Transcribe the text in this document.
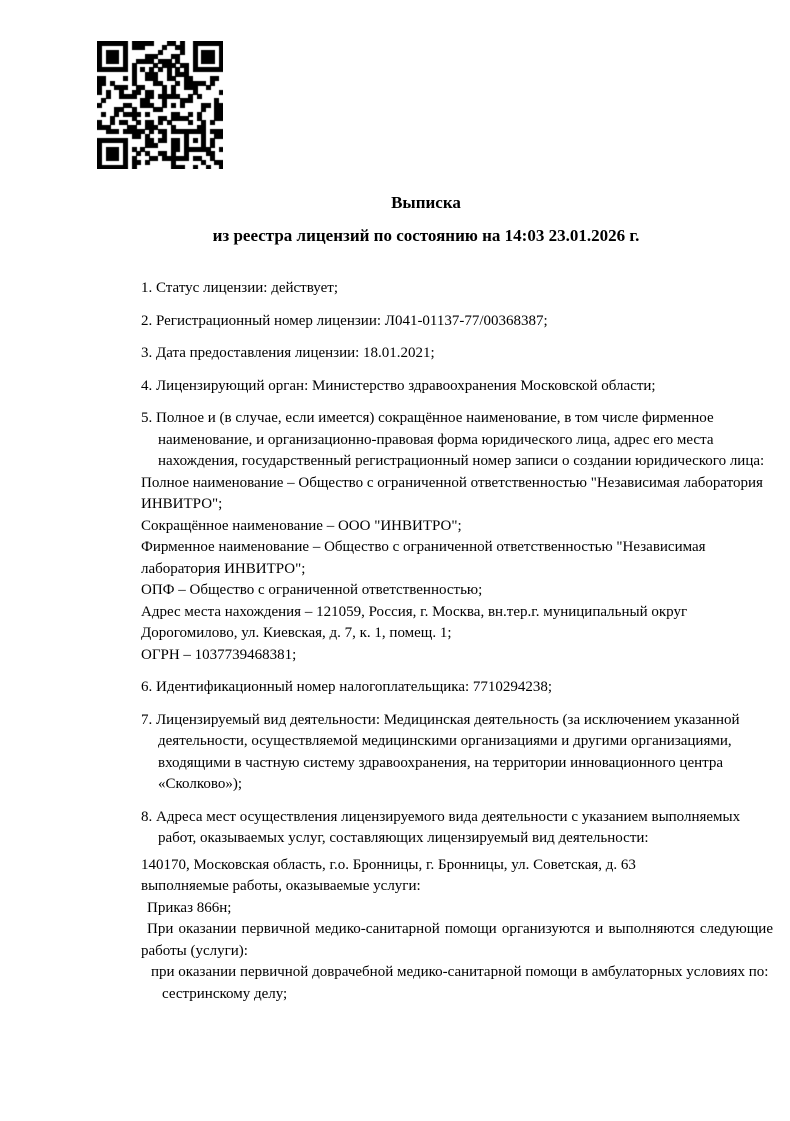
Выписка

из реестра лицензий по состоянию на 14:03 23.01.2026 г.

1. Статус лицензии: действует;

2. Регистрационный номер лицензии: Л041-01137-77/00368387;

3. Дата предоставления лицензии: 18.01.2021;

4. Лицензирующий орган: Министерство здравоохранения Московской области;

5. Полное и (в случае, если имеется) сокращённое наименование, в том числе фирменное наименование, и организационно-правовая форма юридического лица, адрес его места нахождения, государственный регистрационный номер записи о создании юридического лица:

Полное наименование – Общество с ограниченной ответственностью "Независимая лаборатория ИНВИТРО";

Сокращённое наименование – ООО "ИНВИТРО";

Фирменное наименование – Общество с ограниченной ответственностью "Независимая лаборатория ИНВИТРО";

ОПФ – Общество с ограниченной ответственностью;

Адрес места нахождения – 121059, Россия, г. Москва, вн.тер.г. муниципальный округ Дорогомилово, ул. Киевская, д. 7, к. 1, помещ. 1;

ОГРН – 1037739468381;

6. Идентификационный номер налогоплательщика: 7710294238;

7. Лицензируемый вид деятельности: Медицинская деятельность (за исключением указанной деятельности, осуществляемой медицинскими организациями и другими организациями, входящими в частную систему здравоохранения, на территории инновационного центра «Сколково»);

8. Адреса мест осуществления лицензируемого вида деятельности с указанием выполняемых работ, оказываемых услуг, составляющих лицензируемый вид деятельности:

140170, Московская область, г.о. Бронницы, г. Бронницы, ул. Советская, д. 63

выполняемые работы, оказываемые услуги:

Приказ 866н;

При оказании первичной медико-санитарной помощи организуются и выполняются следующие работы (услуги):

при оказании первичной доврачебной медико-санитарной помощи в амбулаторных условиях по:

сестринскому делу;
